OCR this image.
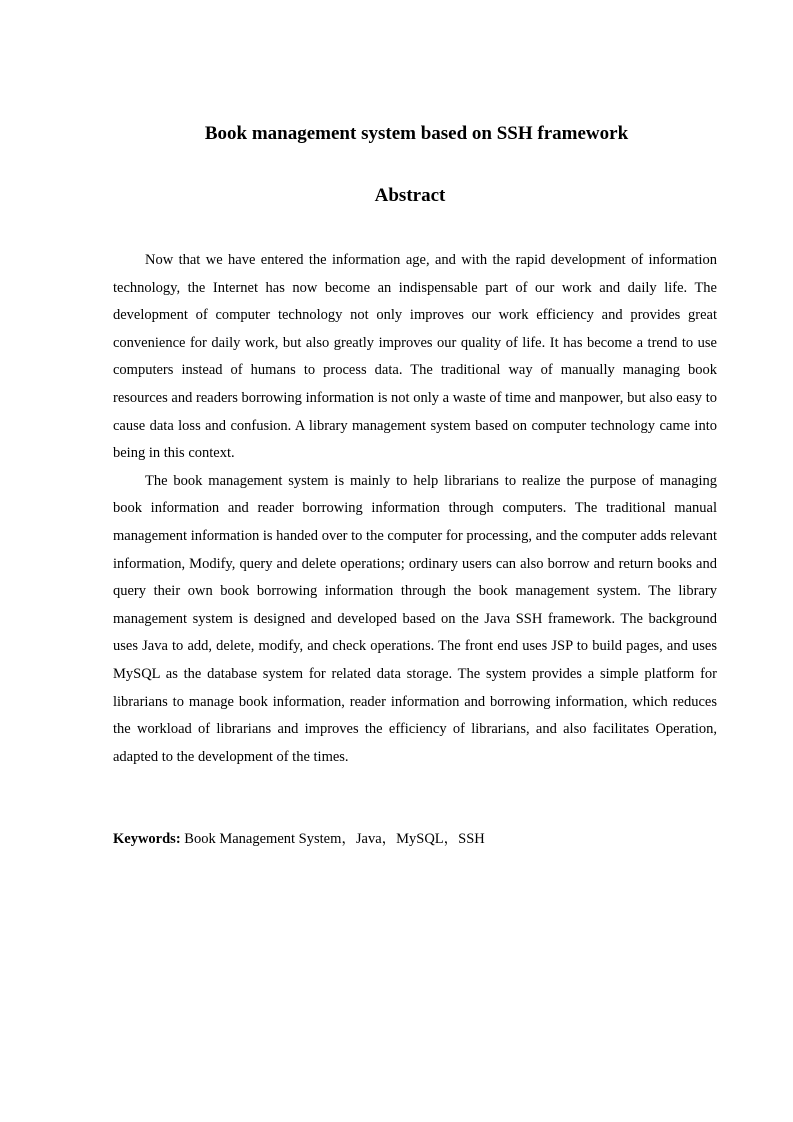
Book management system based on SSH framework
Abstract

Now that we have entered the information age, and with the rapid development of information technology, the Internet has now become an indispensable part of our work and daily life. The development of computer technology not only improves our work efficiency and provides great convenience for daily work, but also greatly improves our quality of life. It has become a trend to use computers instead of humans to process data. The traditional way of manually managing book resources and readers borrowing information is not only a waste of time and manpower, but also easy to cause data loss and confusion. A library management system based on computer technology came into being in this context.

The book management system is mainly to help librarians to realize the purpose of managing book information and reader borrowing information through computers. The traditional manual management information is handed over to the computer for processing, and the computer adds relevant information, Modify, query and delete operations; ordinary users can also borrow and return books and query their own book borrowing information through the book management system. The library management system is designed and developed based on the Java SSH framework. The background uses Java to add, delete, modify, and check operations. The front end uses JSP to build pages, and uses MySQL as the database system for related data storage. The system provides a simple platform for librarians to manage book information, reader information and borrowing information, which reduces the workload of librarians and improves the efficiency of librarians, and also facilitates Operation, adapted to the development of the times.

Keywords: Book Management System，Java，MySQL，SSH
